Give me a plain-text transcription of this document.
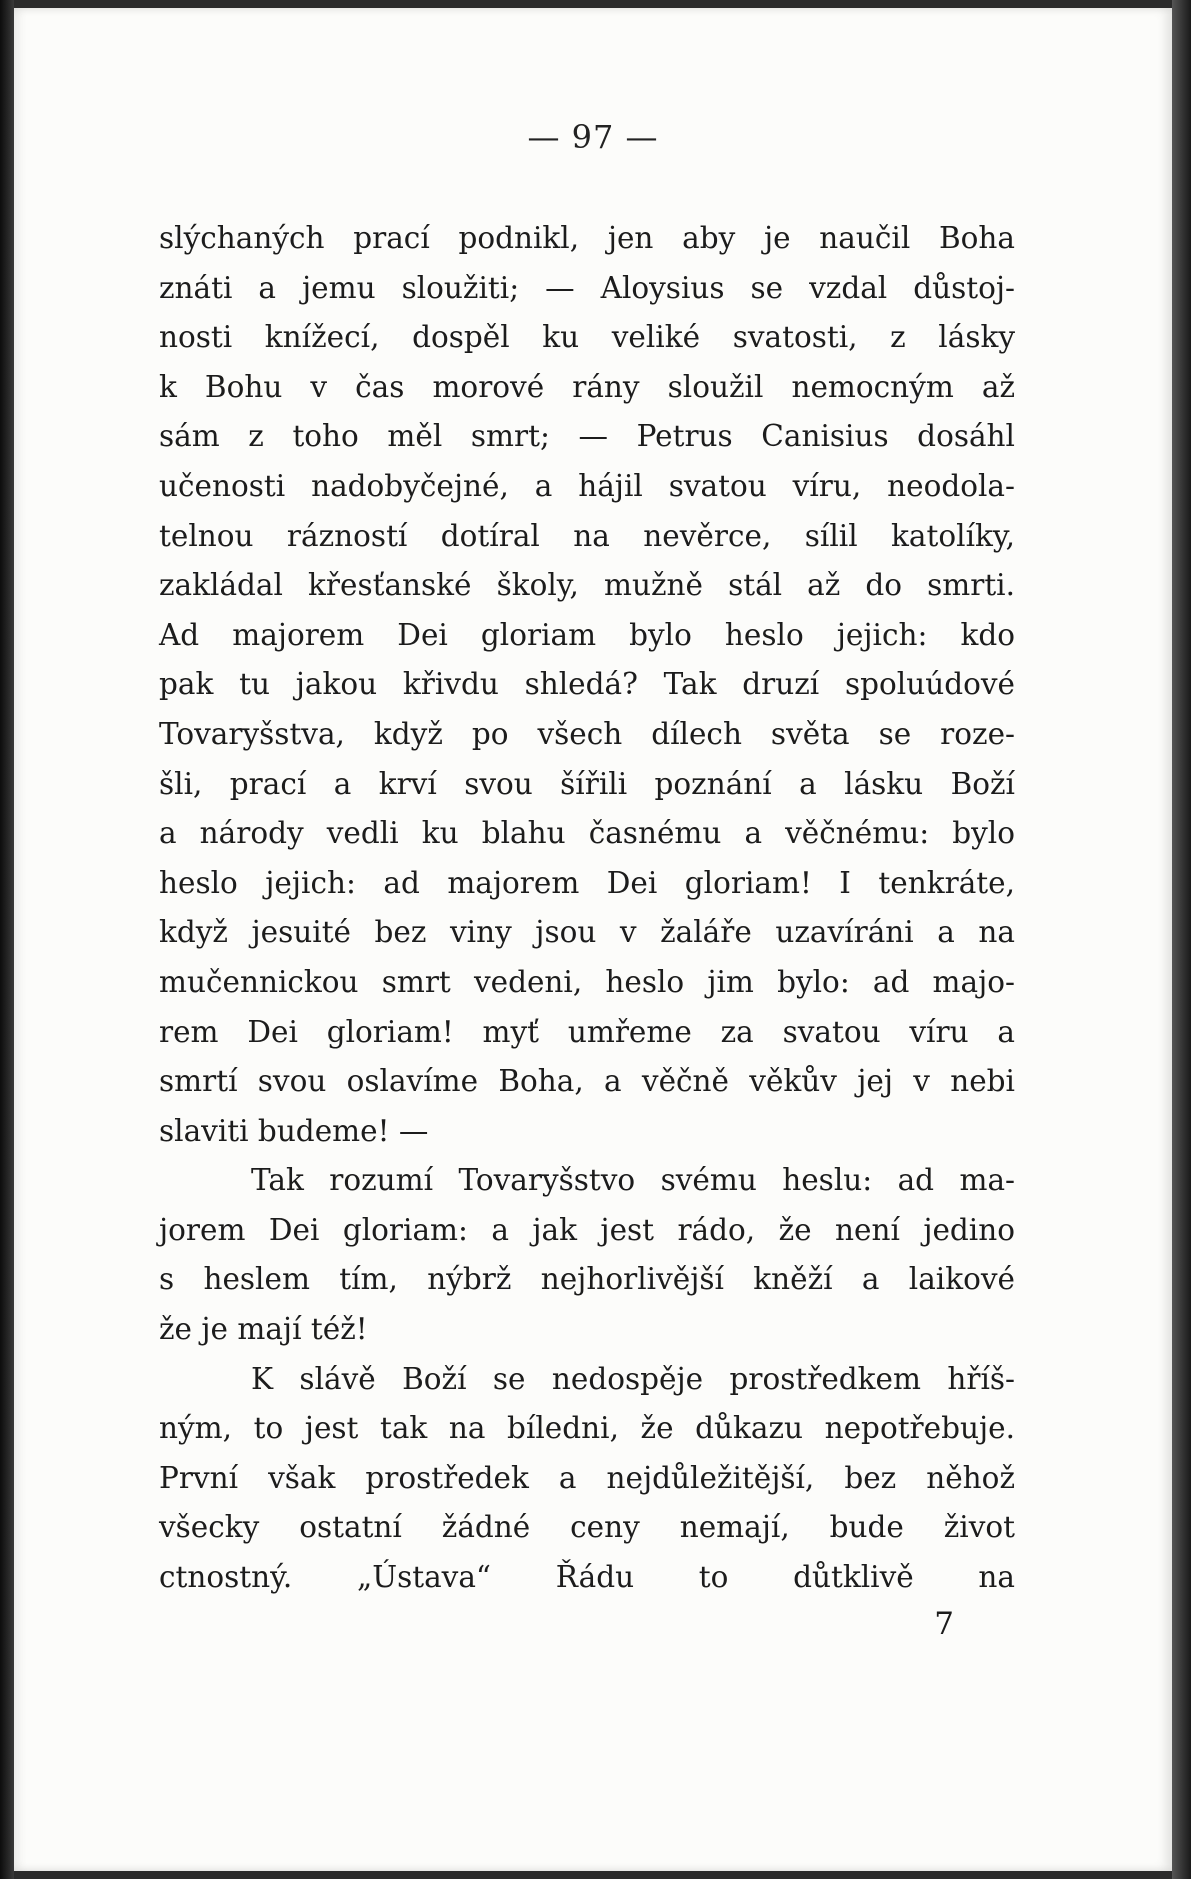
— 97 —

slýchaných prací podnikl, jen aby je naučil Boha
znáti a jemu sloužiti; — Aloysius se vzdal důstoj-
nosti knížecí, dospěl ku veliké svatosti, z lásky
k Bohu v čas morové rány sloužil nemocným až
sám z toho měl smrt; — Petrus Canisius dosáhl
učenosti nadobyčejné, a hájil svatou víru, neodola-
telnou rázností dotíral na nevěrce, sílil katolíky,
zakládal křesťanské školy, mužně stál až do smrti.
Ad majorem Dei gloriam bylo heslo jejich: kdo
pak tu jakou křivdu shledá? Tak druzí spoluúdové
Tovaryšstva, když po všech dílech světa se roze-
šli, prací a krví svou šířili poznání a lásku Boží
a národy vedli ku blahu časnému a věčnému: bylo
heslo jejich: ad majorem Dei gloriam! I tenkráte,
když jesuité bez viny jsou v žaláře uzavíráni a na
mučennickou smrt vedeni, heslo jim bylo: ad majo-
rem Dei gloriam! myť umřeme za svatou víru a
smrtí svou oslavíme Boha, a věčně věkův jej v nebi
slaviti budeme! —
Tak rozumí Tovaryšstvo svému heslu: ad ma-
jorem Dei gloriam: a jak jest rádo, že není jedino
s heslem tím, nýbrž nejhorlivější kněží a laikové
že je mají též!
K slávě Boží se nedospěje prostředkem hříš-
ným, to jest tak na bíledni, že důkazu nepotřebuje.
První však prostředek a nejdůležitější, bez něhož
všecky ostatní žádné ceny nemají, bude život
ctnostný. „Ústava“ Řádu to důtklivě na

7
